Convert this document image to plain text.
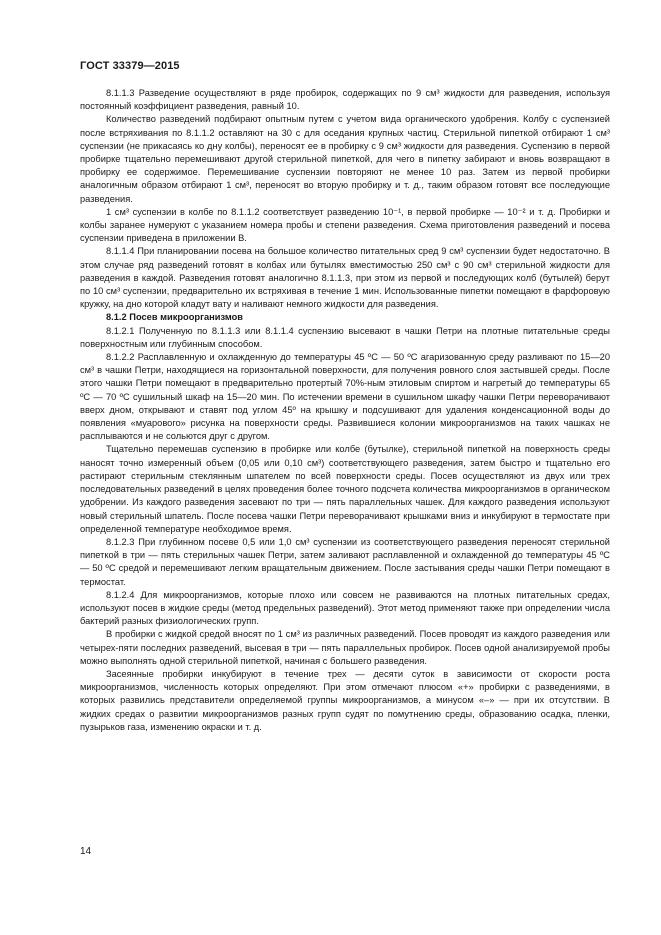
ГОСТ 33379—2015

8.1.1.3 Разведение осуществляют в ряде пробирок, содержащих по 9 см³ жидкости для разведения, используя постоянный коэффициент разведения, равный 10.

Количество разведений подбирают опытным путем с учетом вида органического удобрения. Колбу с суспензией после встряхивания по 8.1.1.2 оставляют на 30 с для оседания крупных частиц. Стерильной пипеткой отбирают 1 см³ суспензии (не прикасаясь ко дну колбы), переносят ее в пробирку с 9 см³ жидкости для разведения. Суспензию в первой пробирке тщательно перемешивают другой стерильной пипеткой, для чего в пипетку забирают и вновь возвращают в пробирку ее содержимое. Перемешивание суспензии повторяют не менее 10 раз. Затем из первой пробирки аналогичным образом отбирают 1 см³, переносят во вторую пробирку и т. д., таким образом готовят все последующие разведения.

1 см³ суспензии в колбе по 8.1.1.2 соответствует разведению 10⁻¹, в первой пробирке — 10⁻² и т. д. Пробирки и колбы заранее нумеруют с указанием номера пробы и степени разведения. Схема приготовления разведений и посева суспензии приведена в приложении В.

8.1.1.4 При планировании посева на большое количество питательных сред 9 см³ суспензии будет недостаточно. В этом случае ряд разведений готовят в колбах или бутылях вместимостью 250 см³ с 90 см³ стерильной жидкости для разведения в каждой. Разведения готовят аналогично 8.1.1.3, при этом из первой и последующих колб (бутылей) берут по 10 см³ суспензии, предварительно их встряхивая в течение 1 мин. Использованные пипетки помещают в фарфоровую кружку, на дно которой кладут вату и наливают немного жидкости для разведения.

8.1.2 Посев микроорганизмов

8.1.2.1 Полученную по 8.1.1.3 или 8.1.1.4 суспензию высевают в чашки Петри на плотные питательные среды поверхностным или глубинным способом.

8.1.2.2 Расплавленную и охлажденную до температуры 45 ºС — 50 ºС агаризованную среду разливают по 15—20 см³ в чашки Петри, находящиеся на горизонтальной поверхности, для получения ровного слоя застывшей среды. После этого чашки Петри помещают в предварительно протертый 70%-ным этиловым спиртом и нагретый до температуры 65 ºС — 70 ºС сушильный шкаф на 15—20 мин. По истечении времени в сушильном шкафу чашки Петри переворачивают вверх дном, открывают и ставят под углом 45º на крышку и подсушивают для удаления конденсационной воды до появления «муарового» рисунка на поверхности среды. Развившиеся колонии микроорганизмов на таких чашках не расплываются и не сольются друг с другом.

Тщательно перемешав суспензию в пробирке или колбе (бутылке), стерильной пипеткой на поверхность среды наносят точно измеренный объем (0,05 или 0,10 см³) соответствующего разведения, затем быстро и тщательно его растирают стерильным стеклянным шпателем по всей поверхности среды. Посев осуществляют из двух или трех последовательных разведений в целях проведения более точного подсчета количества микроорганизмов в органическом удобрении. Из каждого разведения засевают по три — пять параллельных чашек. Для каждого разведения используют новый стерильный шпатель. После посева чашки Петри переворачивают крышками вниз и инкубируют в термостате при определенной температуре необходимое время.

8.1.2.3 При глубинном посеве 0,5 или 1,0 см³ суспензии из соответствующего разведения переносят стерильной пипеткой в три — пять стерильных чашек Петри, затем заливают расплавленной и охлажденной до температуры 45 ºС — 50 ºС средой и перемешивают легким вращательным движением. После застывания среды чашки Петри помещают в термостат.

8.1.2.4 Для микроорганизмов, которые плохо или совсем не развиваются на плотных питательных средах, используют посев в жидкие среды (метод предельных разведений). Этот метод применяют также при определении числа бактерий разных физиологических групп.

В пробирки с жидкой средой вносят по 1 см³ из различных разведений. Посев проводят из каждого разведения или четырех-пяти последних разведений, высевая в три — пять параллельных пробирок. Посев одной анализируемой пробы можно выполнять одной стерильной пипеткой, начиная с большего разведения.

Засеянные пробирки инкубируют в течение трех — десяти суток в зависимости от скорости роста микроорганизмов, численность которых определяют. При этом отмечают плюсом «+» пробирки с разведениями, в которых развились представители определяемой группы микроорганизмов, а минусом «–» — при их отсутствии. В жидких средах о развитии микроорганизмов разных групп судят по помутнению среды, образованию осадка, пленки, пузырьков газа, изменению окраски и т. д.

14
